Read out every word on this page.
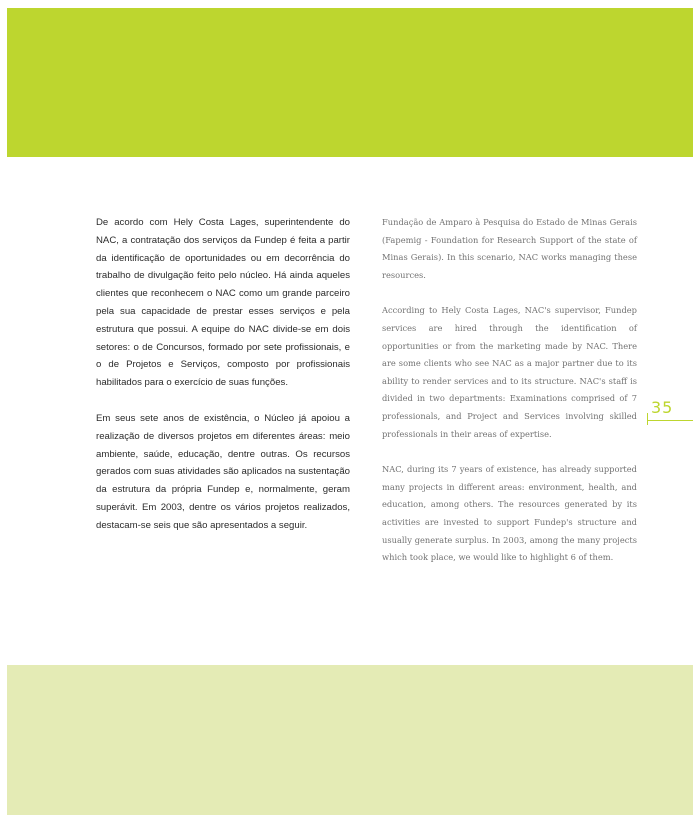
De acordo com Hely Costa Lages, superintendente do NAC, a contratação dos serviços da Fundep é feita a partir da identificação de oportunidades ou em decorrência do trabalho de divulgação feito pelo núcleo. Há ainda aqueles clientes que reconhecem o NAC como um grande parceiro pela sua capacidade de prestar esses serviços e pela estrutura que possui. A equipe do NAC divide-se em dois setores: o de Concursos, formado por sete profissionais, e o de Projetos e Serviços, composto por profissionais habilitados para o exercício de suas funções.

Em seus sete anos de existência, o Núcleo já apoiou a realização de diversos projetos em diferentes áreas: meio ambiente, saúde, educação, dentre outras. Os recursos gerados com suas atividades são aplicados na sustentação da estrutura da própria Fundep e, normalmente, geram superávit. Em 2003, dentre os vários projetos realizados, destacam-se seis que são apresentados a seguir.

Fundação de Amparo à Pesquisa do Estado de Minas Gerais (Fapemig - Foundation for Research Support of the state of Minas Gerais). In this scenario, NAC works managing these resources.

According to Hely Costa Lages, NAC's supervisor, Fundep services are hired through the identification of opportunities or from the marketing made by NAC. There are some clients who see NAC as a major partner due to its ability to render services and to its structure. NAC's staff is divided in two departments: Examinations comprised of 7 professionals, and Project and Services involving skilled professionals in their areas of expertise.

NAC, during its 7 years of existence, has already supported many projects in different areas: environment, health, and education, among others. The resources generated by its activities are invested to support Fundep's structure and usually generate surplus. In 2003, among the many projects which took place, we would like to highlight 6 of them.

35
